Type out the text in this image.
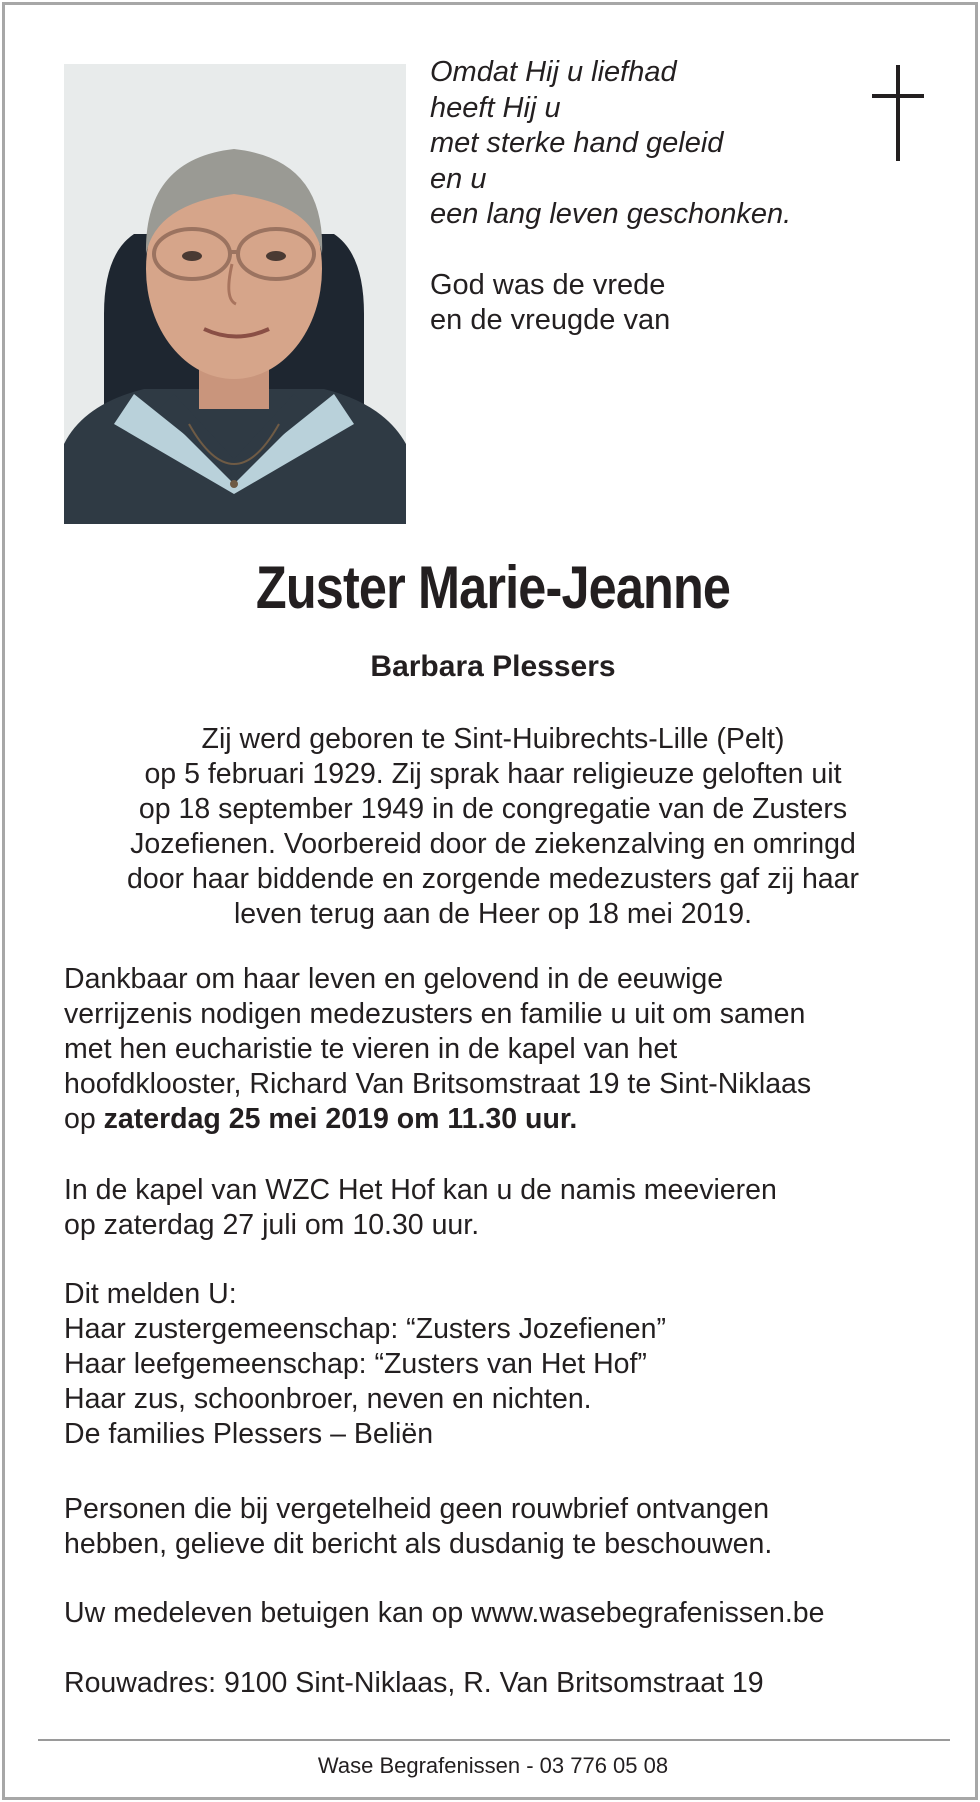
Omdat Hij u liefhad
heeft Hij u
met sterke hand geleid
en u
een lang leven geschonken.
God was de vrede
en de vreugde van
Zuster Marie-Jeanne
Barbara Plessers
Zij werd geboren te Sint-Huibrechts-Lille (Pelt)
op 5 februari 1929. Zij sprak haar religieuze geloften uit
op 18 september 1949 in de congregatie van de Zusters
Jozefienen. Voorbereid door de ziekenzalving en omringd
door haar biddende en zorgende medezusters gaf zij haar
leven terug aan de Heer op 18 mei 2019.
Dankbaar om haar leven en gelovend in de eeuwige
verrijzenis nodigen medezusters en familie u uit om samen
met hen eucharistie te vieren in de kapel van het
hoofdklooster, Richard Van Britsomstraat 19 te Sint-Niklaas
op zaterdag 25 mei 2019 om 11.30 uur.
In de kapel van WZC Het Hof kan u de namis meevieren
op zaterdag 27 juli om 10.30 uur.
Dit melden U:
Haar zustergemeenschap: “Zusters Jozefienen”
Haar leefgemeenschap: “Zusters van Het Hof”
Haar zus, schoonbroer, neven en nichten.
De families Plessers – Beliën
Personen die bij vergetelheid geen rouwbrief ontvangen
hebben, gelieve dit bericht als dusdanig te beschouwen.
Uw medeleven betuigen kan op www.wasebegrafenissen.be
Rouwadres: 9100 Sint-Niklaas, R. Van Britsomstraat 19
Wase Begrafenissen - 03 776 05 08
